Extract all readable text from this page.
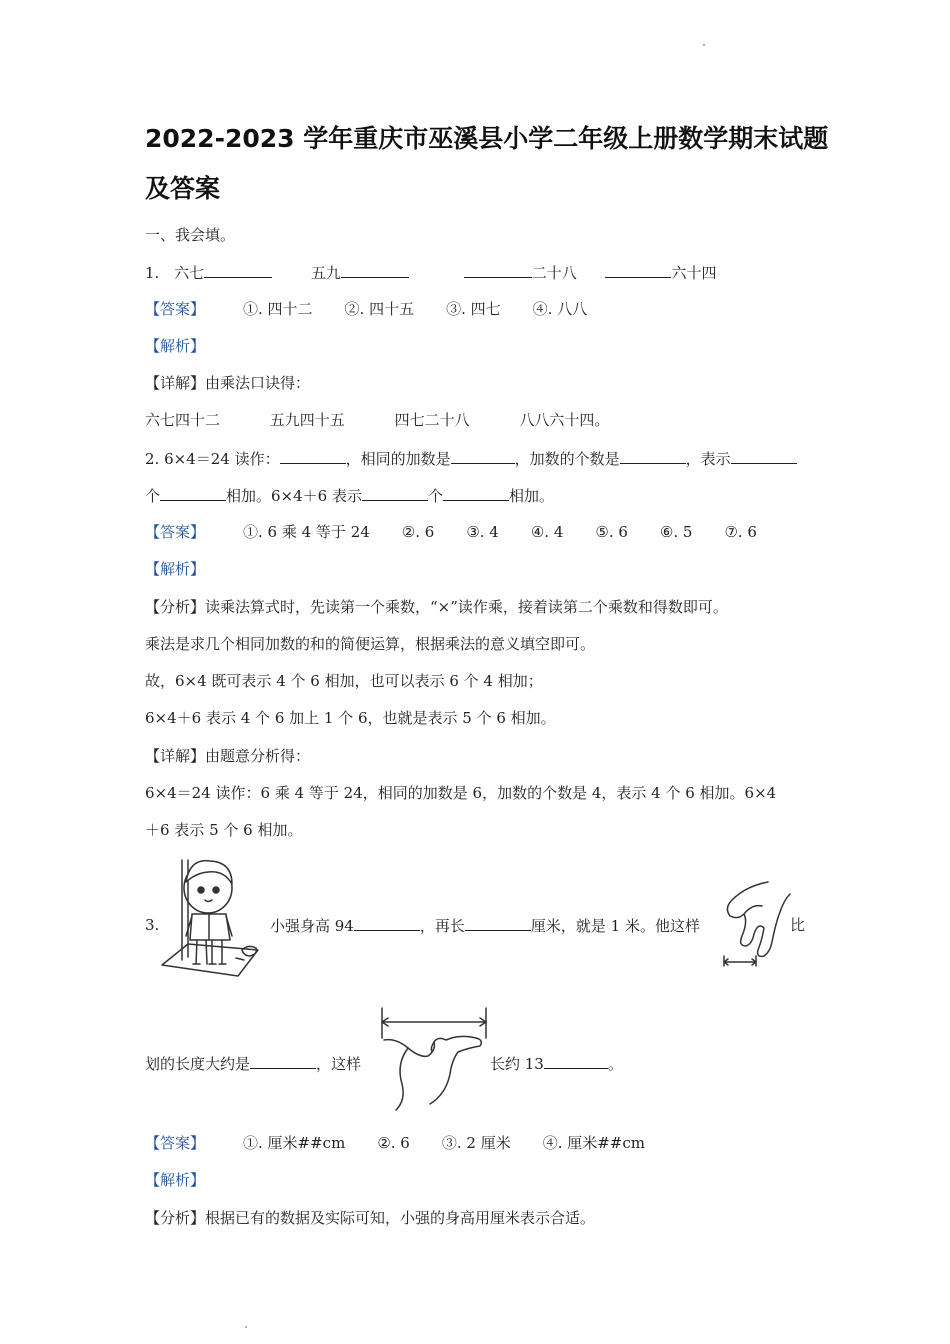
2022-2023 学年重庆市巫溪县小学二年级上册数学期末试题
及答案
一、我会填。
1. 六七	五九	二十八	六十四
【答案】	①. 四十二 ②. 四十五 ③. 四七 ④. 八八
【解析】
【详解】由乘法口诀得：
六七四十二	五九四十五	四七二十八	八八六十四。
2. 6×4＝24 读作：	，相同的加数是	，加数的个数是	，表示
个	相加。6×4＋6 表示	个	相加。
【答案】	①. 6 乘 4 等于 24 ②. 6 ③. 4 ④. 4 ⑤. 6 ⑥. 5 ⑦. 6
【解析】
【分析】读乘法算式时，先读第一个乘数，“×”读作乘，接着读第二个乘数和得数即可。
乘法是求几个相同加数的和的简便运算，根据乘法的意义填空即可。
故，6×4 既可表示 4 个 6 相加，也可以表示 6 个 4 相加；
6×4＋6 表示 4 个 6 加上 1 个 6，也就是表示 5 个 6 相加。
【详解】由题意分析得：
6×4＝24 读作：6 乘 4 等于 24，相同的加数是 6，加数的个数是 4，表示 4 个 6 相加。6×4
＋6 表示 5 个 6 相加。
3.	小强身高 94	，再长	厘米，就是 1 米。他这样	比
划的长度大约是	，这样	长约 13	。
【答案】	①. 厘米##cm ②. 6 ③. 2 厘米 ④. 厘米##cm
【解析】
【分析】根据已有的数据及实际可知，小强的身高用厘米表示合适。
